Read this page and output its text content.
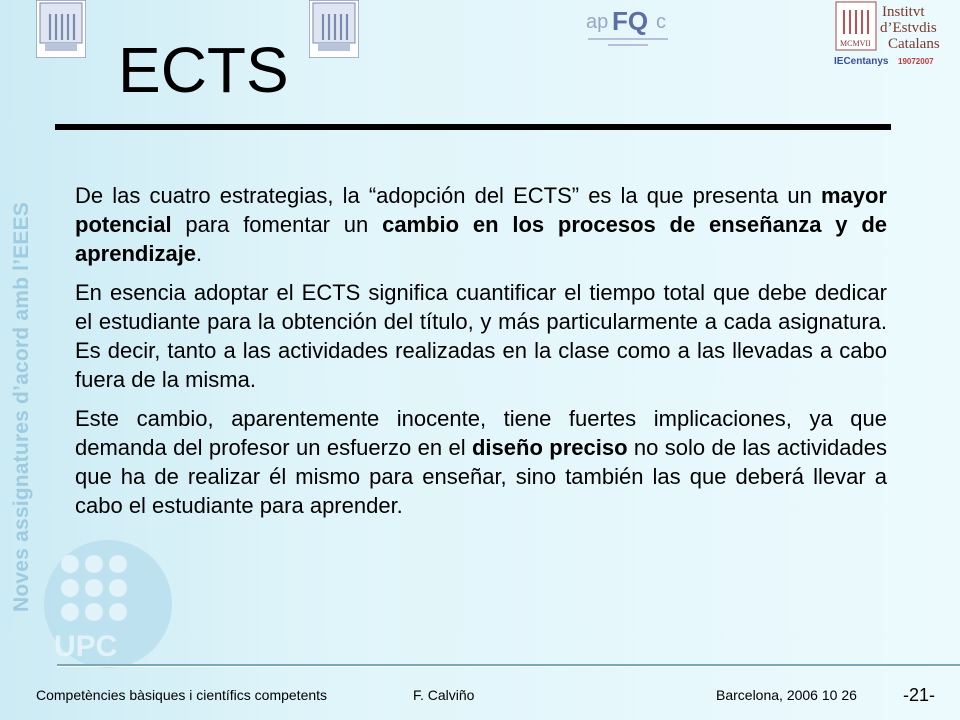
Noves assignatures d’acord amb l’EEES
UPC
ap FQ c
MCMVII
Institvt
d’Estvdis
Catalans
IECentanys 19072007
ECTS

De las cuatro estrategias, la “adopción del ECTS” es la que presenta un mayor potencial para fomentar un cambio en los procesos de enseñanza y de aprendizaje.

En esencia adoptar el ECTS significa cuantificar el tiempo total que debe dedicar el estudiante para la obtención del título, y más particularmente a cada asignatura. Es decir, tanto a las actividades realizadas en la clase como a las llevadas a cabo fuera de la misma.

Este cambio, aparentemente inocente, tiene fuertes implicaciones, ya que demanda del profesor un esfuerzo en el diseño preciso no solo de las actividades que ha de realizar él mismo para enseñar, sino también las que deberá llevar a cabo el estudiante para aprender.

Competències bàsiques i científics competents	F. Calviño	Barcelona, 2006 10 26	-21-
